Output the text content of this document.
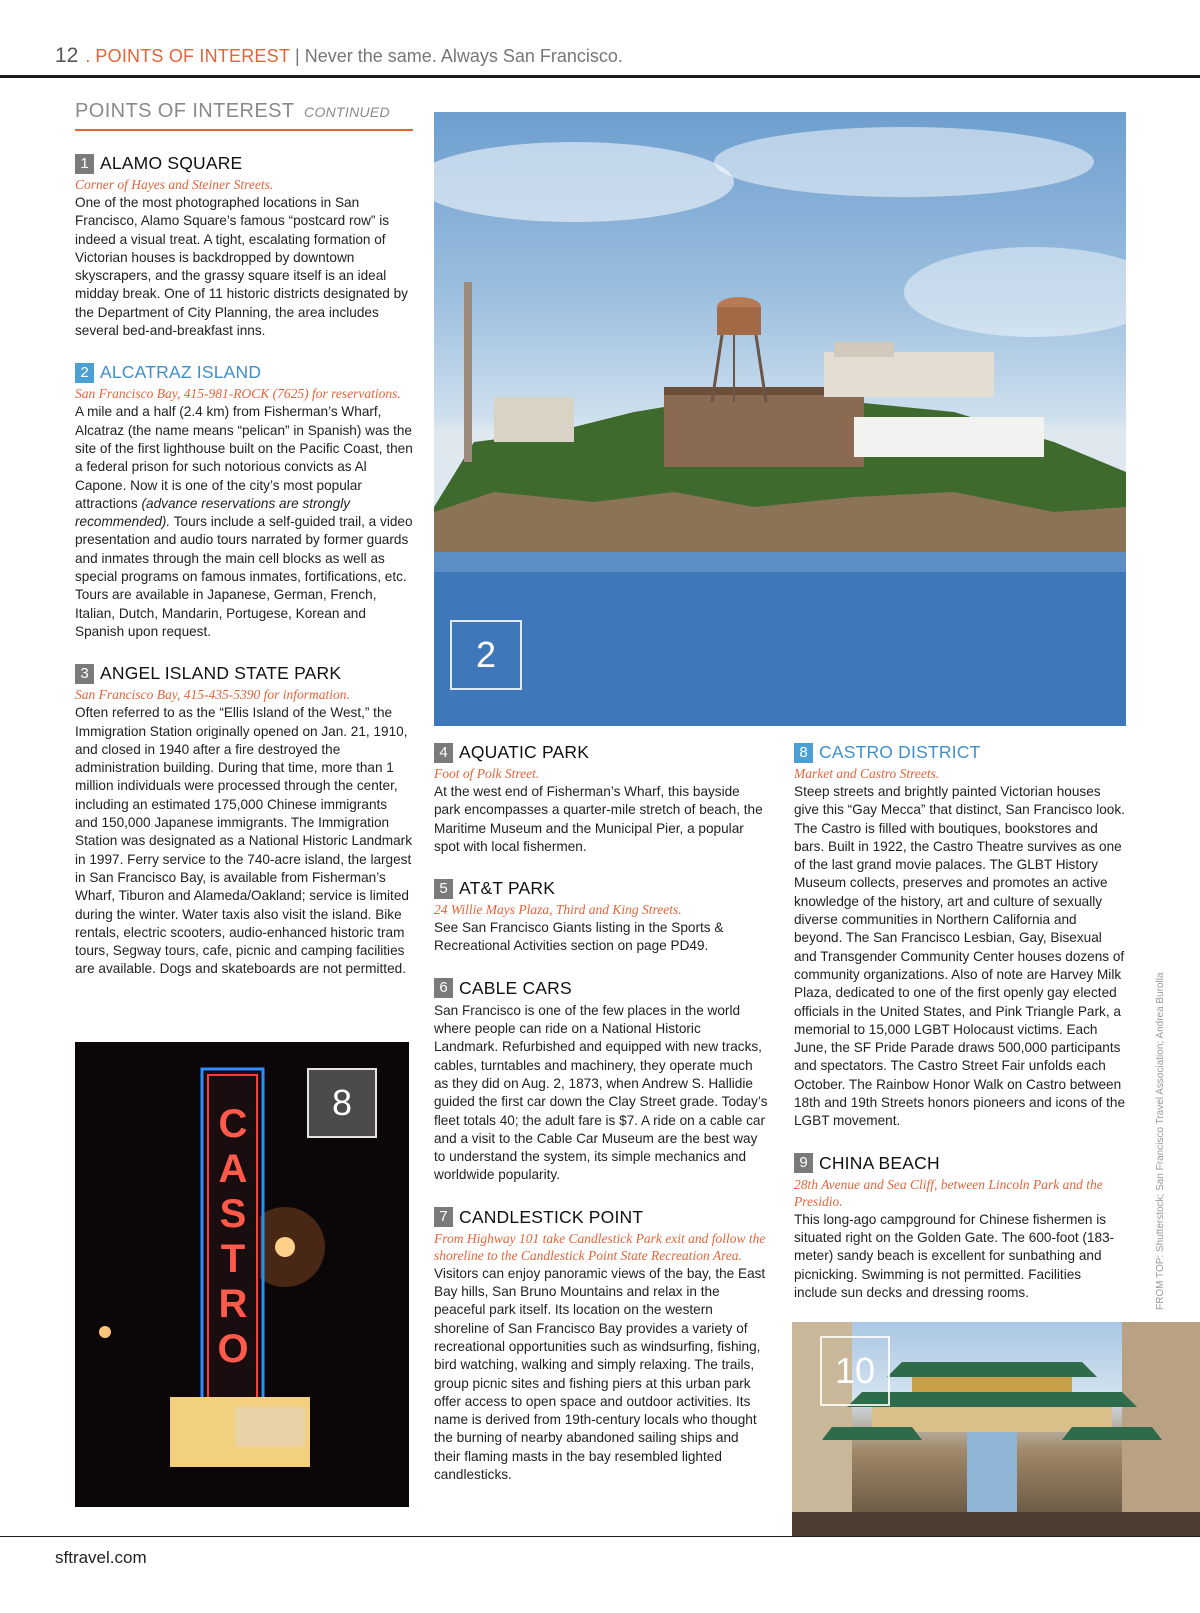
12 . POINTS OF INTEREST | Never the same. Always San Francisco.
POINTS OF INTEREST CONTINUED
1 ALAMO SQUARE
Corner of Hayes and Steiner Streets.
One of the most photographed locations in San Francisco, Alamo Square’s famous “postcard row” is indeed a visual treat. A tight, escalating formation of Victorian houses is backdropped by downtown skyscrapers, and the grassy square itself is an ideal midday break. One of 11 historic districts designated by the Department of City Planning, the area includes several bed-and-breakfast inns.
2 ALCATRAZ ISLAND
San Francisco Bay, 415-981-ROCK (7625) for reservations.
A mile and a half (2.4 km) from Fisherman’s Wharf, Alcatraz (the name means “pelican” in Spanish) was the site of the first lighthouse built on the Pacific Coast, then a federal prison for such notorious convicts as Al Capone. Now it is one of the city’s most popular attractions (advance reservations are strongly recommended). Tours include a self-guided trail, a video presentation and audio tours narrated by former guards and inmates through the main cell blocks as well as special programs on famous inmates, fortifications, etc. Tours are available in Japanese, German, French, Italian, Dutch, Mandarin, Portugese, Korean and Spanish upon request.
3 ANGEL ISLAND STATE PARK
San Francisco Bay, 415-435-5390 for information.
Often referred to as the “Ellis Island of the West,” the Immigration Station originally opened on Jan. 21, 1910, and closed in 1940 after a fire destroyed the administration building. During that time, more than 1 million individuals were processed through the center, including an estimated 175,000 Chinese immigrants and 150,000 Japanese immigrants. The Immigration Station was designated as a National Historic Landmark in 1997. Ferry service to the 740-acre island, the largest in San Francisco Bay, is available from Fisherman’s Wharf, Tiburon and Alameda/Oakland; service is limited during the winter. Water taxis also visit the island. Bike rentals, electric scooters, audio-enhanced historic tram tours, Segway tours, cafe, picnic and camping facilities are available. Dogs and skateboards are not permitted.
2
CASTRO
8
4 AQUATIC PARK
Foot of Polk Street.
At the west end of Fisherman’s Wharf, this bayside park encompasses a quarter-mile stretch of beach, the Maritime Museum and the Municipal Pier, a popular spot with local fishermen.
5 AT&T PARK
24 Willie Mays Plaza, Third and King Streets.
See San Francisco Giants listing in the Sports & Recreational Activities section on page PD49.
6 CABLE CARS
San Francisco is one of the few places in the world where people can ride on a National Historic Landmark. Refurbished and equipped with new tracks, cables, turntables and machinery, they operate much as they did on Aug. 2, 1873, when Andrew S. Hallidie guided the first car down the Clay Street grade. Today’s fleet totals 40; the adult fare is $7. A ride on a cable car and a visit to the Cable Car Museum are the best way to understand the system, its simple mechanics and worldwide popularity.
7 CANDLESTICK POINT
From Highway 101 take Candlestick Park exit and follow the shoreline to the Candlestick Point State Recreation Area.
Visitors can enjoy panoramic views of the bay, the East Bay hills, San Bruno Mountains and relax in the peaceful park itself. Its location on the western shoreline of San Francisco Bay provides a variety of recreational opportunities such as windsurfing, fishing, bird watching, walking and simply relaxing. The trails, group picnic sites and fishing piers at this urban park offer access to open space and outdoor activities. Its name is derived from 19th-century locals who thought the burning of nearby abandoned sailing ships and their flaming masts in the bay resembled lighted candlesticks.
8 CASTRO DISTRICT
Market and Castro Streets.
Steep streets and brightly painted Victorian houses give this “Gay Mecca” that distinct, San Francisco look. The Castro is filled with boutiques, bookstores and bars. Built in 1922, the Castro Theatre survives as one of the last grand movie palaces. The GLBT History Museum collects, preserves and promotes an active knowledge of the history, art and culture of sexually diverse communities in Northern California and beyond. The San Francisco Lesbian, Gay, Bisexual and Transgender Community Center houses dozens of community organizations. Also of note are Harvey Milk Plaza, dedicated to one of the first openly gay elected officials in the United States, and Pink Triangle Park, a memorial to 15,000 LGBT Holocaust victims. Each June, the SF Pride Parade draws 500,000 participants and spectators. The Castro Street Fair unfolds each October. The Rainbow Honor Walk on Castro between 18th and 19th Streets honors pioneers and icons of the LGBT movement.
9 CHINA BEACH
28th Avenue and Sea Cliff, between Lincoln Park and the Presidio.
This long-ago campground for Chinese fishermen is situated right on the Golden Gate. The 600-foot (183-meter) sandy beach is excellent for sunbathing and picnicking. Swimming is not permitted. Facilities include sun decks and dressing rooms.
10
FROM TOP: Shutterstock; San Francisco Travel Association; Andrea Burolla
sftravel.com
